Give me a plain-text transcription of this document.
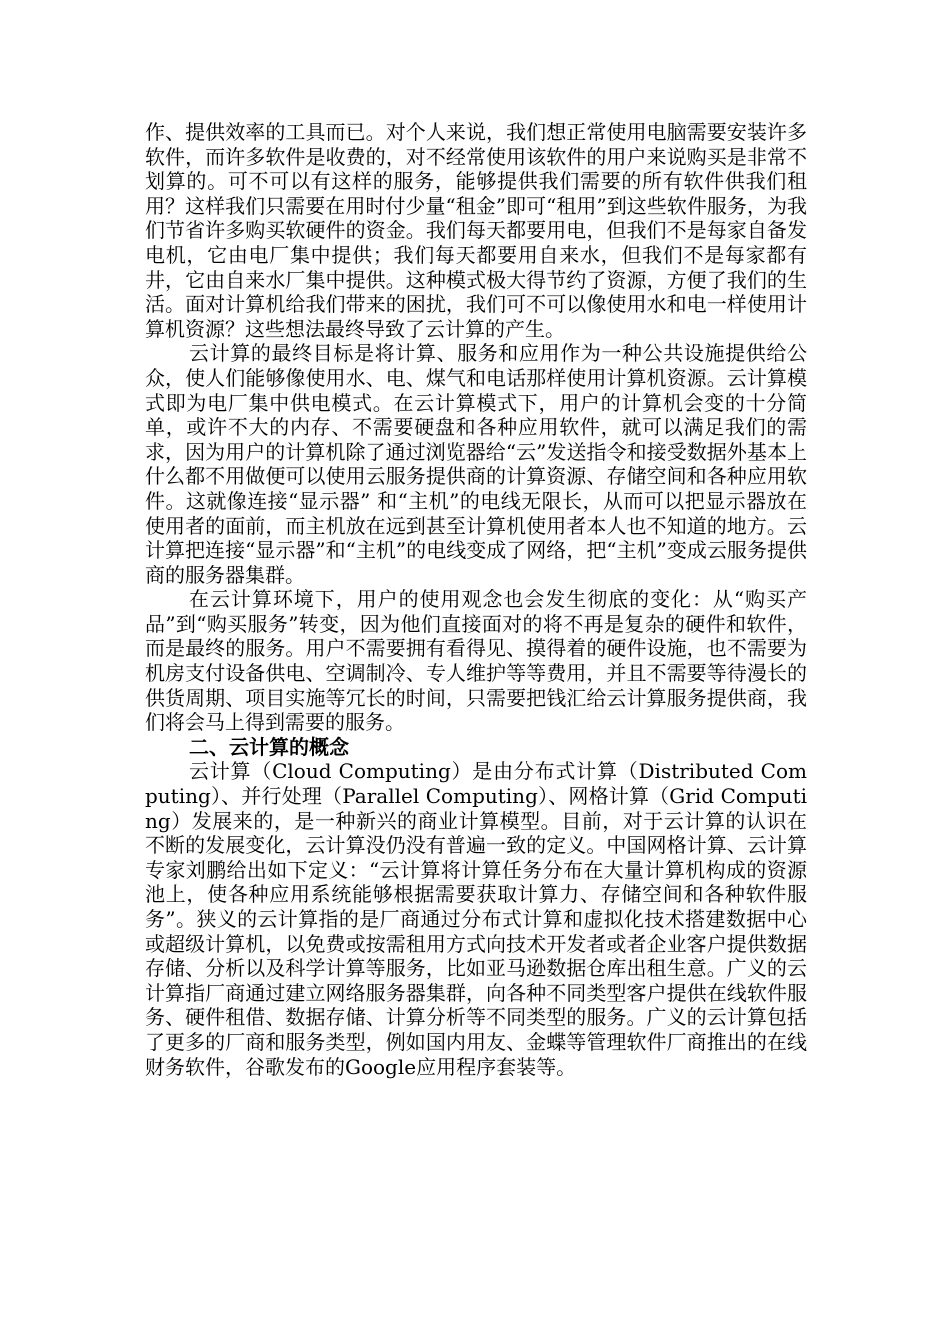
作、提供效率的工具而已。对个人来说，我们想正常使用电脑需要安装许多软件，而许多软件是收费的，对不经常使用该软件的用户来说购买是非常不划算的。可不可以有这样的服务，能够提供我们需要的所有软件供我们租用？这样我们只需要在用时付少量“租金”即可“租用”到这些软件服务，为我们节省许多购买软硬件的资金。我们每天都要用电，但我们不是每家自备发电机，它由电厂集中提供；我们每天都要用自来水，但我们不是每家都有井，它由自来水厂集中提供。这种模式极大得节约了资源，方便了我们的生活。面对计算机给我们带来的困扰，我们可不可以像使用水和电一样使用计算机资源？这些想法最终导致了云计算的产生。

云计算的最终目标是将计算、服务和应用作为一种公共设施提供给公众，使人们能够像使用水、电、煤气和电话那样使用计算机资源。云计算模式即为电厂集中供电模式。在云计算模式下，用户的计算机会变的十分简单，或许不大的内存、不需要硬盘和各种应用软件，就可以满足我们的需求，因为用户的计算机除了通过浏览器给“云”发送指令和接受数据外基本上什么都不用做便可以使用云服务提供商的计算资源、存储空间和各种应用软件。这就像连接“显示器” 和“主机”的电线无限长，从而可以把显示器放在使用者的面前，而主机放在远到甚至计算机使用者本人也不知道的地方。云计算把连接“显示器”和“主机”的电线变成了网络，把“主机”变成云服务提供商的服务器集群。

在云计算环境下，用户的使用观念也会发生彻底的变化：从“购买产品”到“购买服务”转变，因为他们直接面对的将不再是复杂的硬件和软件，而是最终的服务。用户不需要拥有看得见、摸得着的硬件设施，也不需要为机房支付设备供电、空调制冷、专人维护等等费用，并且不需要等待漫长的供货周期、项目实施等冗长的时间，只需要把钱汇给云计算服务提供商，我们将会马上得到需要的服务。

二、云计算的概念

云计算（Cloud Computing）是由分布式计算（Distributed Computing）、并行处理（Parallel Computing）、网格计算（Grid Computing）发展来的，是一种新兴的商业计算模型。目前，对于云计算的认识在不断的发展变化，云计算没仍没有普遍一致的定义。中国网格计算、云计算专家刘鹏给出如下定义：“云计算将计算任务分布在大量计算机构成的资源池上，使各种应用系统能够根据需要获取计算力、存储空间和各种软件服务”。狭义的云计算指的是厂商通过分布式计算和虚拟化技术搭建数据中心或超级计算机，以免费或按需租用方式向技术开发者或者企业客户提供数据存储、分析以及科学计算等服务，比如亚马逊数据仓库出租生意。广义的云计算指厂商通过建立网络服务器集群，向各种不同类型客户提供在线软件服务、硬件租借、数据存储、计算分析等不同类型的服务。广义的云计算包括了更多的厂商和服务类型，例如国内用友、金蝶等管理软件厂商推出的在线财务软件，谷歌发布的Google应用程序套装等。
